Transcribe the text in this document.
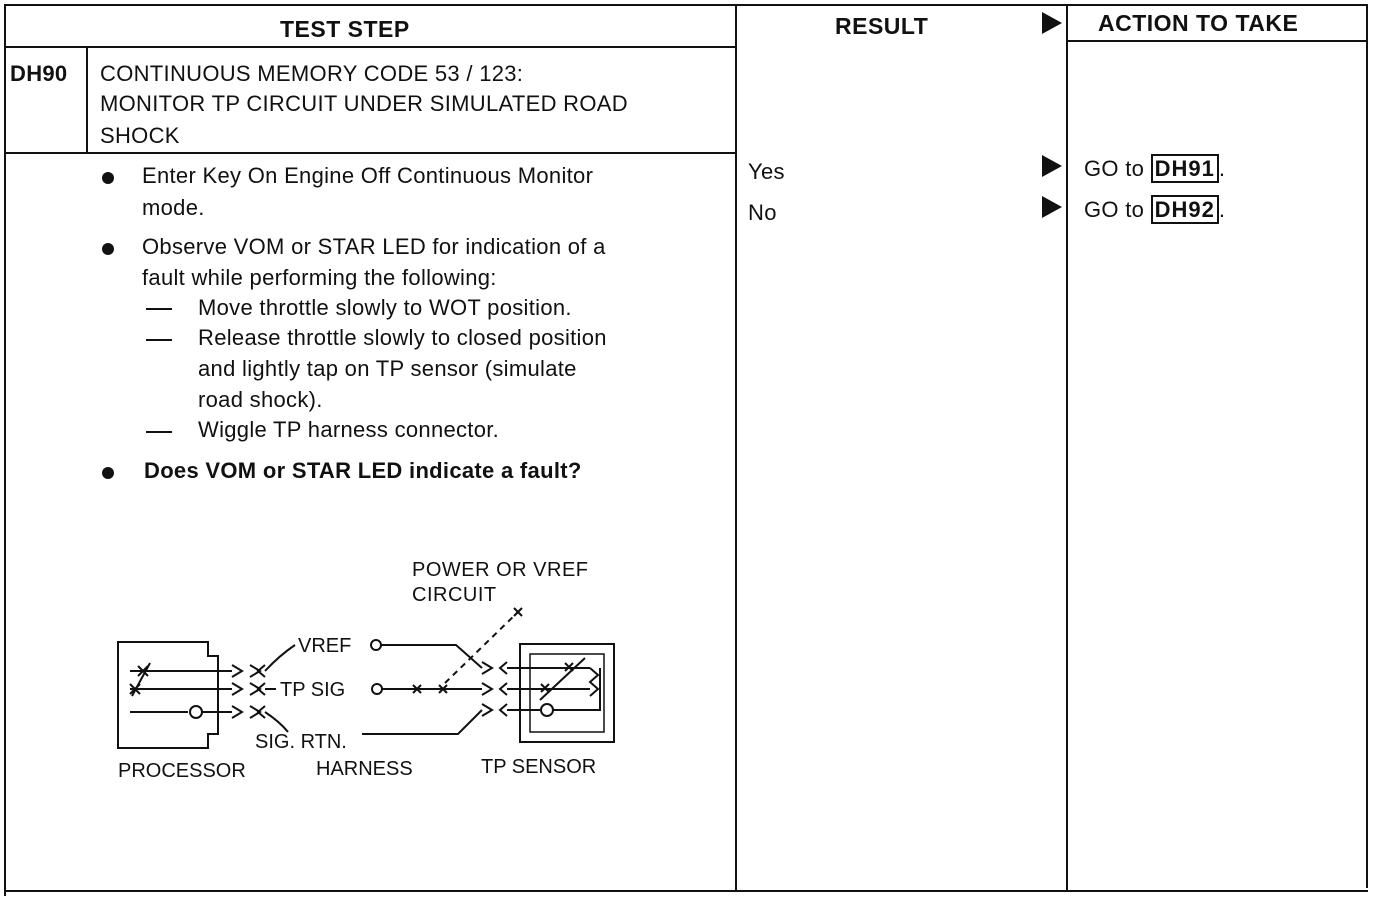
TEST STEP	RESULT	ACTION TO TAKE
DH90 CONTINUOUS MEMORY CODE 53 / 123:
MONITOR TP CIRCUIT UNDER SIMULATED ROAD
SHOCK
Enter Key On Engine Off Continuous Monitor
mode.
Observe VOM or STAR LED for indication of a
fault while performing the following:
Move throttle slowly to WOT position.
Release throttle slowly to closed position
and lightly tap on TP sensor (simulate
road shock).
Wiggle TP harness connector.
Does VOM or STAR LED indicate a fault?
Yes	GO to DH91 .
No	GO to DH92 .
POWER OR VREF
CIRCUIT
VREF
TP SIG
SIG. RTN.
PROCESSOR	HARNESS	TP SENSOR
